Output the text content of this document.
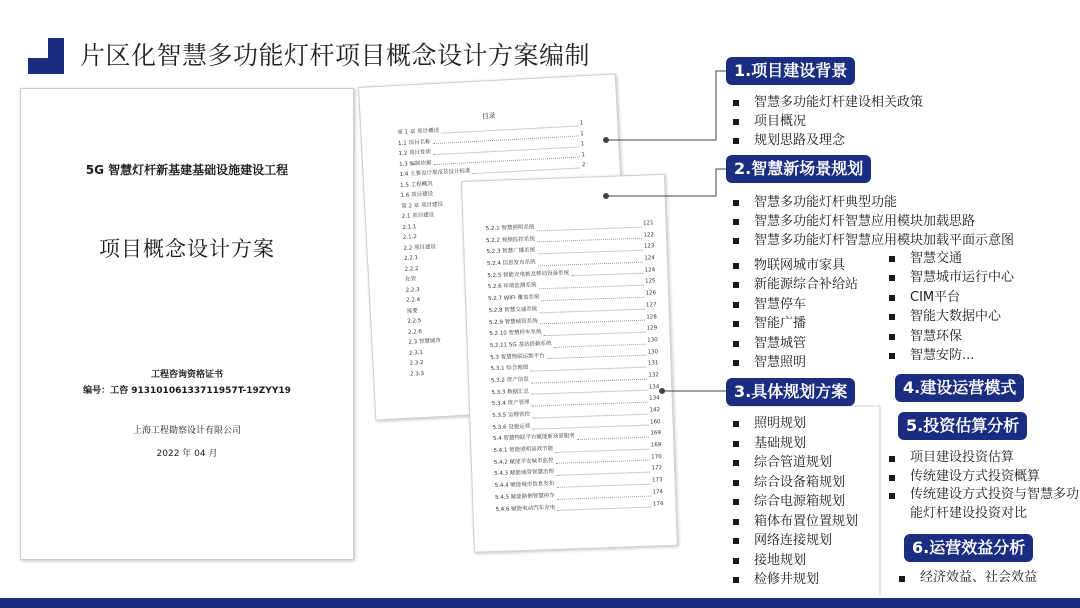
片区化智慧多功能灯杆项目概念设计方案编制
5G 智慧灯杆新基建基础设施建设工程
项目概念设计方案
工程咨询资格证书
编号：工咨 91310106133711957T-19ZYY19
上海工程勘察设计有限公司
2022 年 04 月
目录
第 1 章 项目概述
1
1.1 项目名称
1
1.2 项目性质
1
1.3 编制依据
1
1.4 主要设计规范及设计标准
2
1.5 工程概况
1.6 项目建设
第 2 章 项目建设
2.1 项目建设
2.1.1
2.1.2
2.2 项目建设
2.2.1
2.2.2
化管
2.2.3
2.2.4
需要
2.2.5
2.2.6
2.3 智慧城市
2.3.1
2.3.2
2.3.3
5.2.1 智慧照明系统
121
5.2.2 视频监控系统
122
5.2.3 智慧广播系统
123
5.2.4 信息发布系统
124
5.2.5 智能充电桩及移动设备系统	124
5.2.6 环境监测系统
125
5.2.7 WIFI 覆盖系统
126
5.2.8 智慧交通系统
127
5.2.9 智慧城管系统
128
5.2.10 智慧停车系统
129
5.2.11 5G 基站搭载系统
130
5.3 智慧物联运维平台
130
5.3.1 综合地图
131
5.3.2 资产信息
132
5.3.3 数据汇总
134
5.3.4 资产管理
134
5.3.5 运维管控
142
5.3.6 设施运营
160
5.4 智慧物联平台赋能新场景服务	169
5.4.1 智能照明高效节能
169
5.4.2 赋能平安城市监控
170
5.4.3 赋能城管智慧治理
172
5.4.4 赋能城市信息发布
173
5.4.5 赋能路侧智慧停车
174
5.4.6 赋能电动汽车充电
174
1.项目建设背景
智慧多功能灯杆建设相关政策
项目概况
规划思路及理念
2.智慧新场景规划
智慧多功能灯杆典型功能
智慧多功能灯杆智慧应用模块加载思路
智慧多功能灯杆智慧应用模块加载平面示意图
物联网城市家具
新能源综合补给站
智慧停车
智能广播
智慧城管
智慧照明
智慧交通
智慧城市运行中心
CIM平台
智能大数据中心
智慧环保
智慧安防...
3.具体规划方案
照明规划
基础规划
综合管道规划
综合设备箱规划
综合电源箱规划
箱体布置位置规划
网络连接规划
接地规划
检修井规划
4.建设运营模式
5.投资估算分析
项目建设投资估算
传统建设方式投资概算
传统建设方式投资与智慧多功能灯杆建设投资对比
6.运营效益分析
经济效益、社会效益
